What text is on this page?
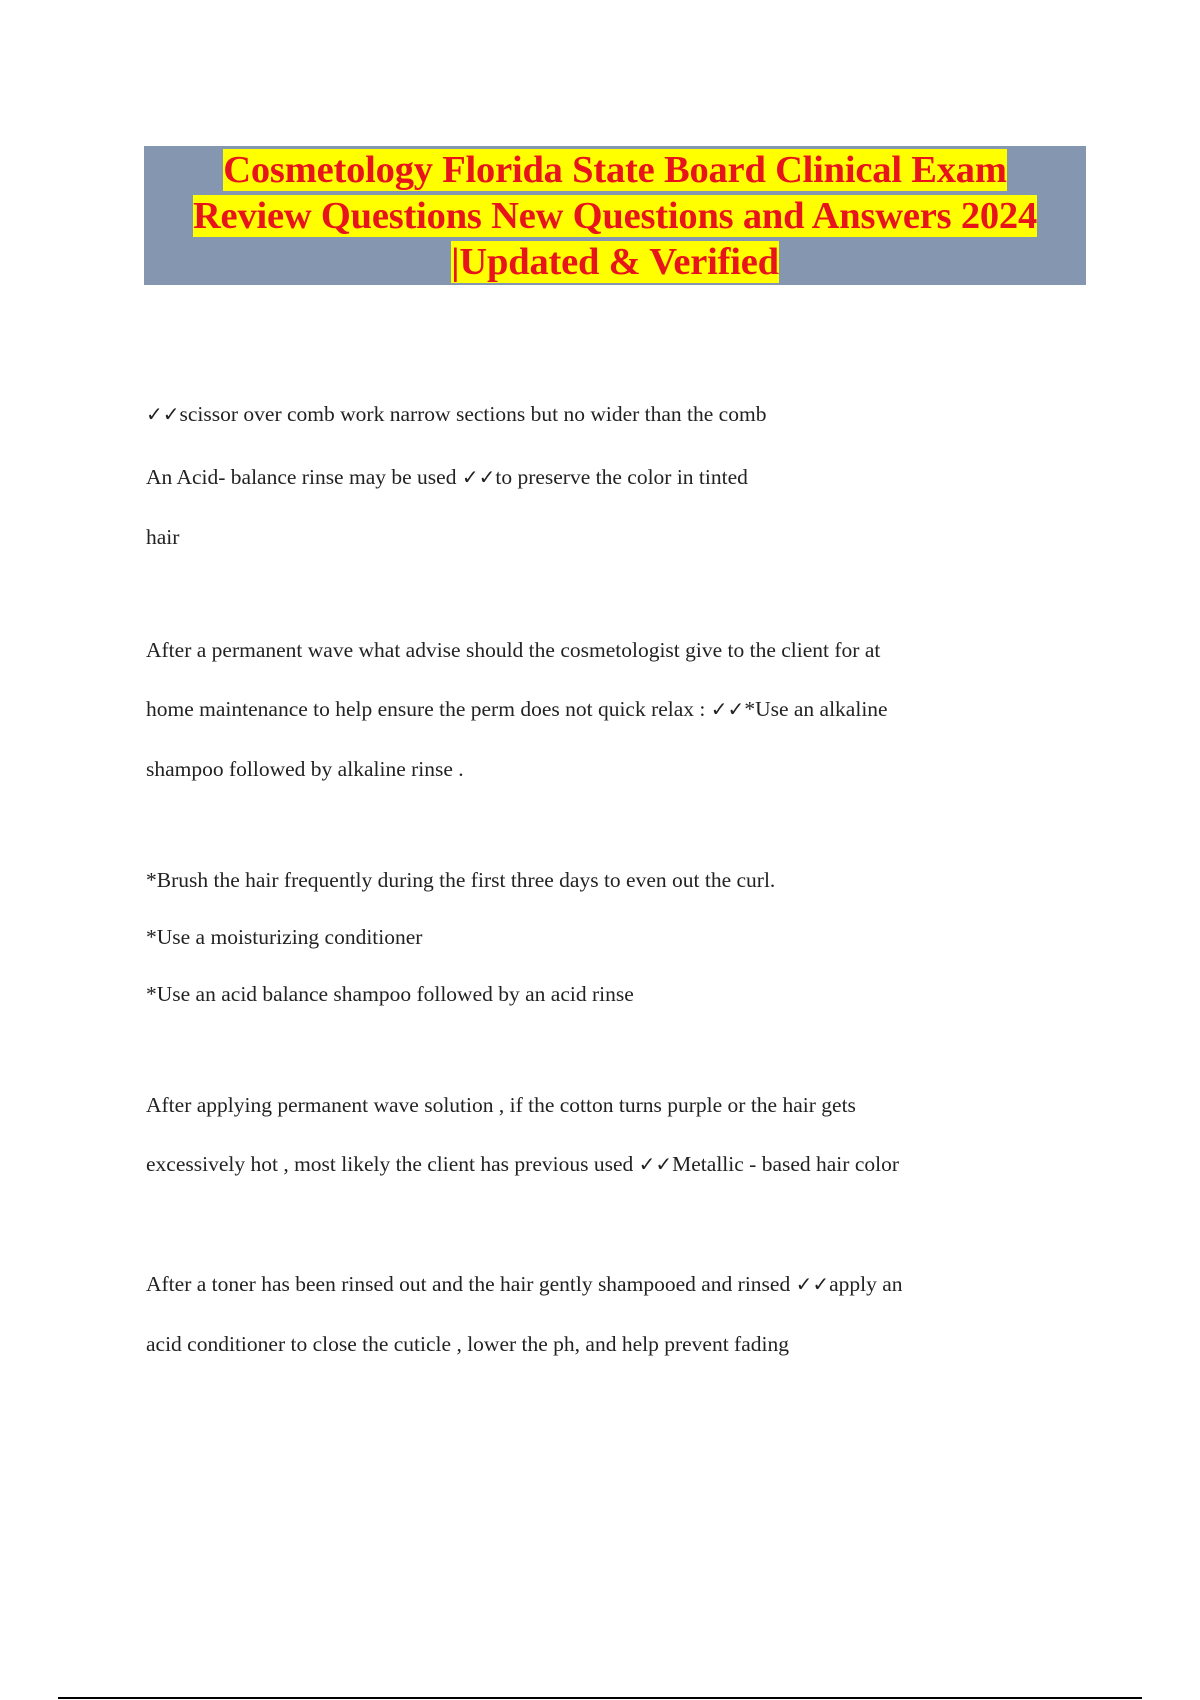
Cosmetology Florida State Board Clinical Exam
Review Questions New Questions and Answers 2024
|Updated & Verified

✓✓scissor over comb work narrow sections but no wider than the comb
An Acid- balance rinse may be used ✓✓to preserve the color in tinted
hair
After a permanent wave what advise should the cosmetologist give to the client for at
home maintenance to help ensure the perm does not quick relax : ✓✓*Use an alkaline
shampoo followed by alkaline rinse .
*Brush the hair frequently during the first three days to even out the curl.
*Use a moisturizing conditioner
*Use an acid balance shampoo followed by an acid rinse
After applying permanent wave solution , if the cotton turns purple or the hair gets
excessively hot , most likely the client has previous used ✓✓Metallic - based hair color
After a toner has been rinsed out and the hair gently shampooed and rinsed ✓✓apply an
acid conditioner to close the cuticle , lower the ph, and help prevent fading
